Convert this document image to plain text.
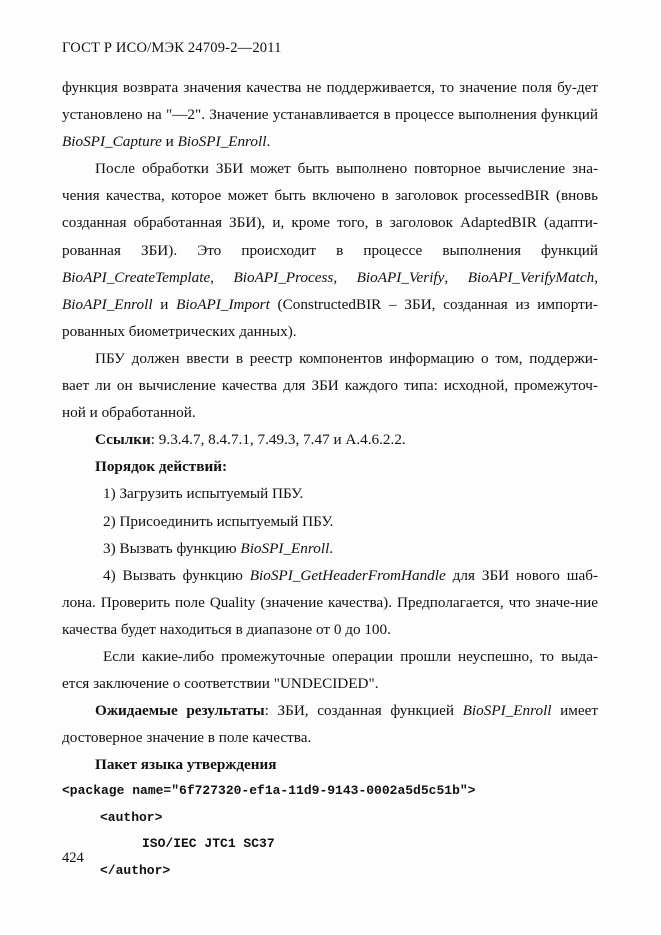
ГОСТ Р ИСО/МЭК 24709-2—2011

функция возврата значения качества не поддерживается, то значение поля бу-дет установлено на "—2". Значение устанавливается в процессе выполнения функций BioSPI_Capture и BioSPI_Enroll.

После обработки ЗБИ может быть выполнено повторное вычисление зна-чения качества, которое может быть включено в заголовок processedBIR (вновь созданная обработанная ЗБИ), и, кроме того, в заголовок AdaptedBIR (адапти-рованная ЗБИ). Это происходит в процессе выполнения функций BioAPI_CreateTemplate, BioAPI_Process, BioAPI_Verify, BioAPI_VerifyMatch, BioAPI_Enroll и BioAPI_Import (ConstructedBIR – ЗБИ, созданная из импорти-рованных биометрических данных).

ПБУ должен ввести в реестр компонентов информацию о том, поддержи-вает ли он вычисление качества для ЗБИ каждого типа: исходной, промежуточ-ной и обработанной.

Ссылки: 9.3.4.7, 8.4.7.1, 7.49.3, 7.47 и А.4.6.2.2.

Порядок действий:

1) Загрузить испытуемый ПБУ.

2) Присоединить испытуемый ПБУ.

3) Вызвать функцию BioSPI_Enroll.

4) Вызвать функцию BioSPI_GetHeaderFromHandle для ЗБИ нового шаб-лона. Проверить поле Quality (значение качества). Предполагается, что значе-ние качества будет находиться в диапазоне от 0 до 100.

Если какие-либо промежуточные операции прошли неуспешно, то выда-ется заключение о соответствии "UNDECIDED".

Ожидаемые результаты: ЗБИ, созданная функцией BioSPI_Enroll имеет достоверное значение в поле качества.

Пакет языка утверждения

<package name="6f727320-ef1a-11d9-9143-0002a5d5c51b">

<author>

ISO/IEC JTC1 SC37

</author>

424
